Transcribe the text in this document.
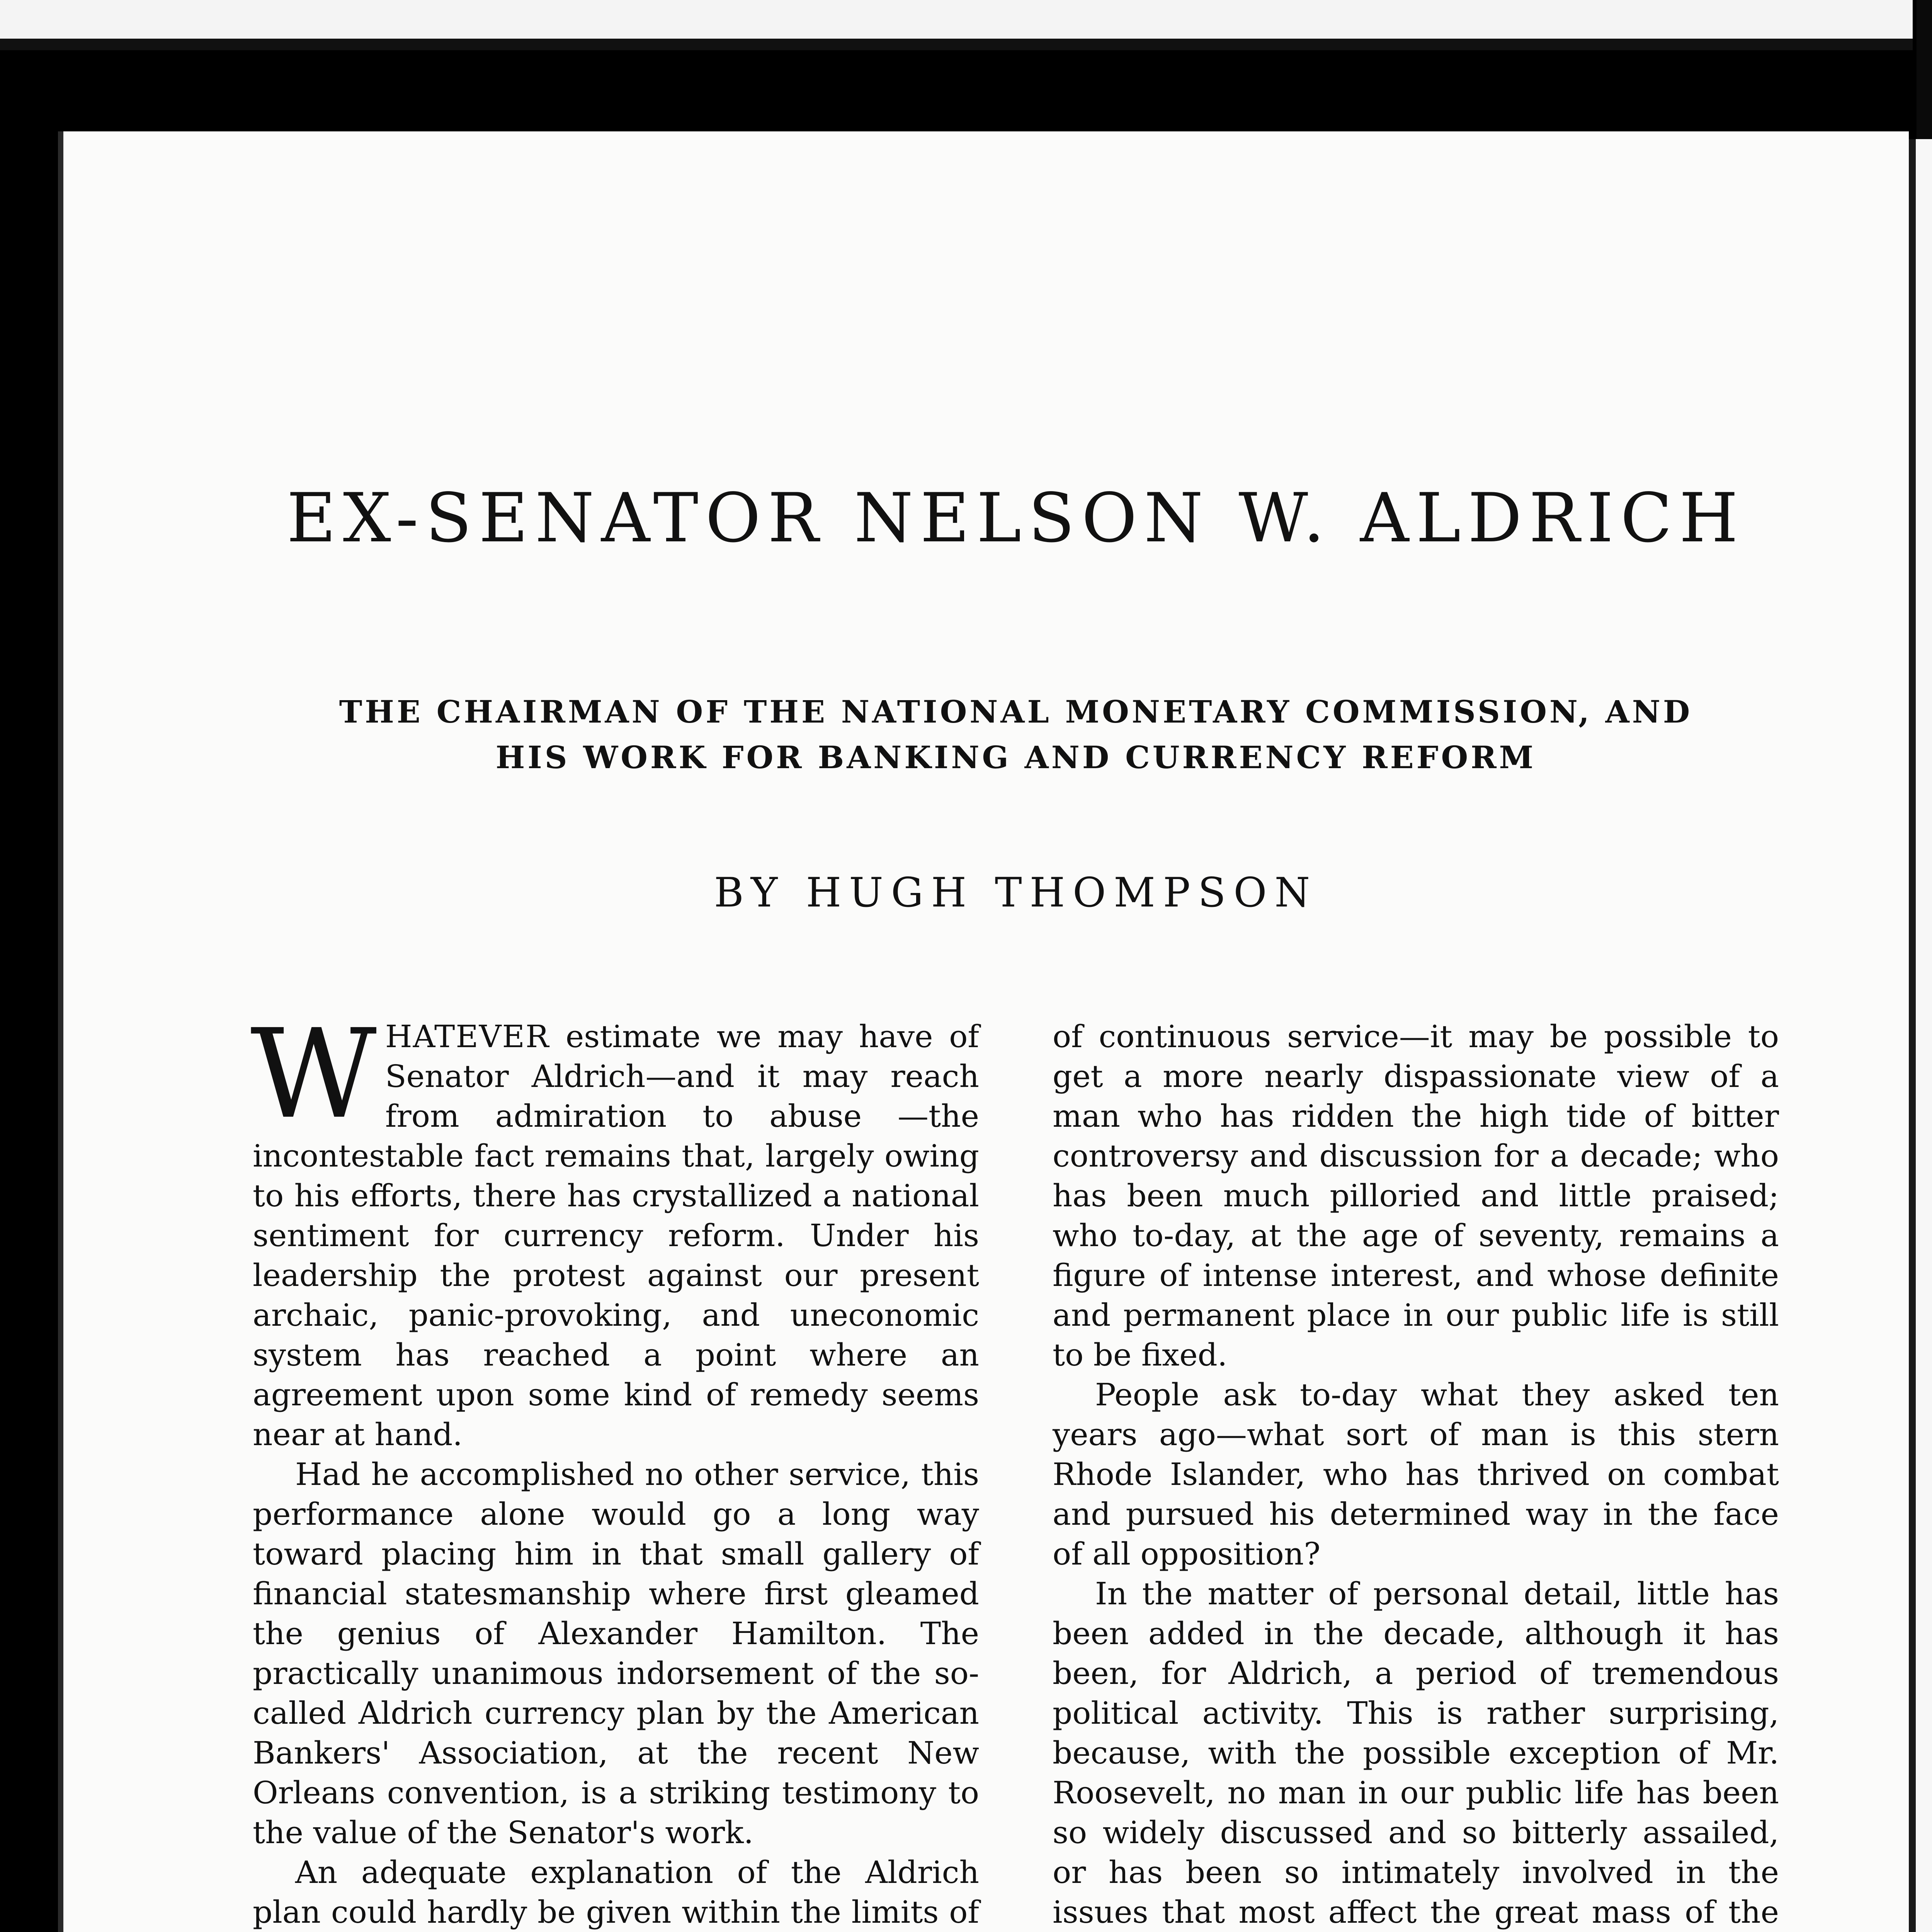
EX-SENATOR NELSON W. ALDRICH
THE CHAIRMAN OF THE NATIONAL MONETARY COMMISSION, AND
HIS WORK FOR BANKING AND CURRENCY REFORM
BY HUGH THOMPSON

WHATEVER estimate we may have of Senator Aldrich—and it may reach from admiration to abuse —the incontestable fact remains that, largely owing to his efforts, there has crystallized a national sentiment for currency reform. Under his leadership the protest against our present archaic, panic-provoking, and uneconomic system has reached a point where an agreement upon some kind of remedy seems near at hand.

Had he accomplished no other service, this performance alone would go a long way toward placing him in that small gallery of financial statesmanship where first gleamed the genius of Alexander Hamilton. The practically unanimous indorsement of the so-called Aldrich currency plan by the American Bankers' Association, at the recent New Orleans convention, is a striking testimony to the value of the Senator's work.

An adequate explanation of the Aldrich plan could hardly be given within the limits of

of continuous service—it may be possible to get a more nearly dispassionate view of a man who has ridden the high tide of bitter controversy and discussion for a decade; who has been much pilloried and little praised; who to-day, at the age of seventy, remains a figure of intense interest, and whose definite and permanent place in our public life is still to be fixed.

People ask to-day what they asked ten years ago—what sort of man is this stern Rhode Islander, who has thrived on combat and pursued his determined way in the face of all opposition?

In the matter of personal detail, little has been added in the decade, although it has been, for Aldrich, a period of tremendous political activity. This is rather surprising, because, with the possible exception of Mr. Roosevelt, no man in our public life has been so widely discussed and so bitterly assailed, or has been so intimately involved in the issues that most affect the great mass of the
